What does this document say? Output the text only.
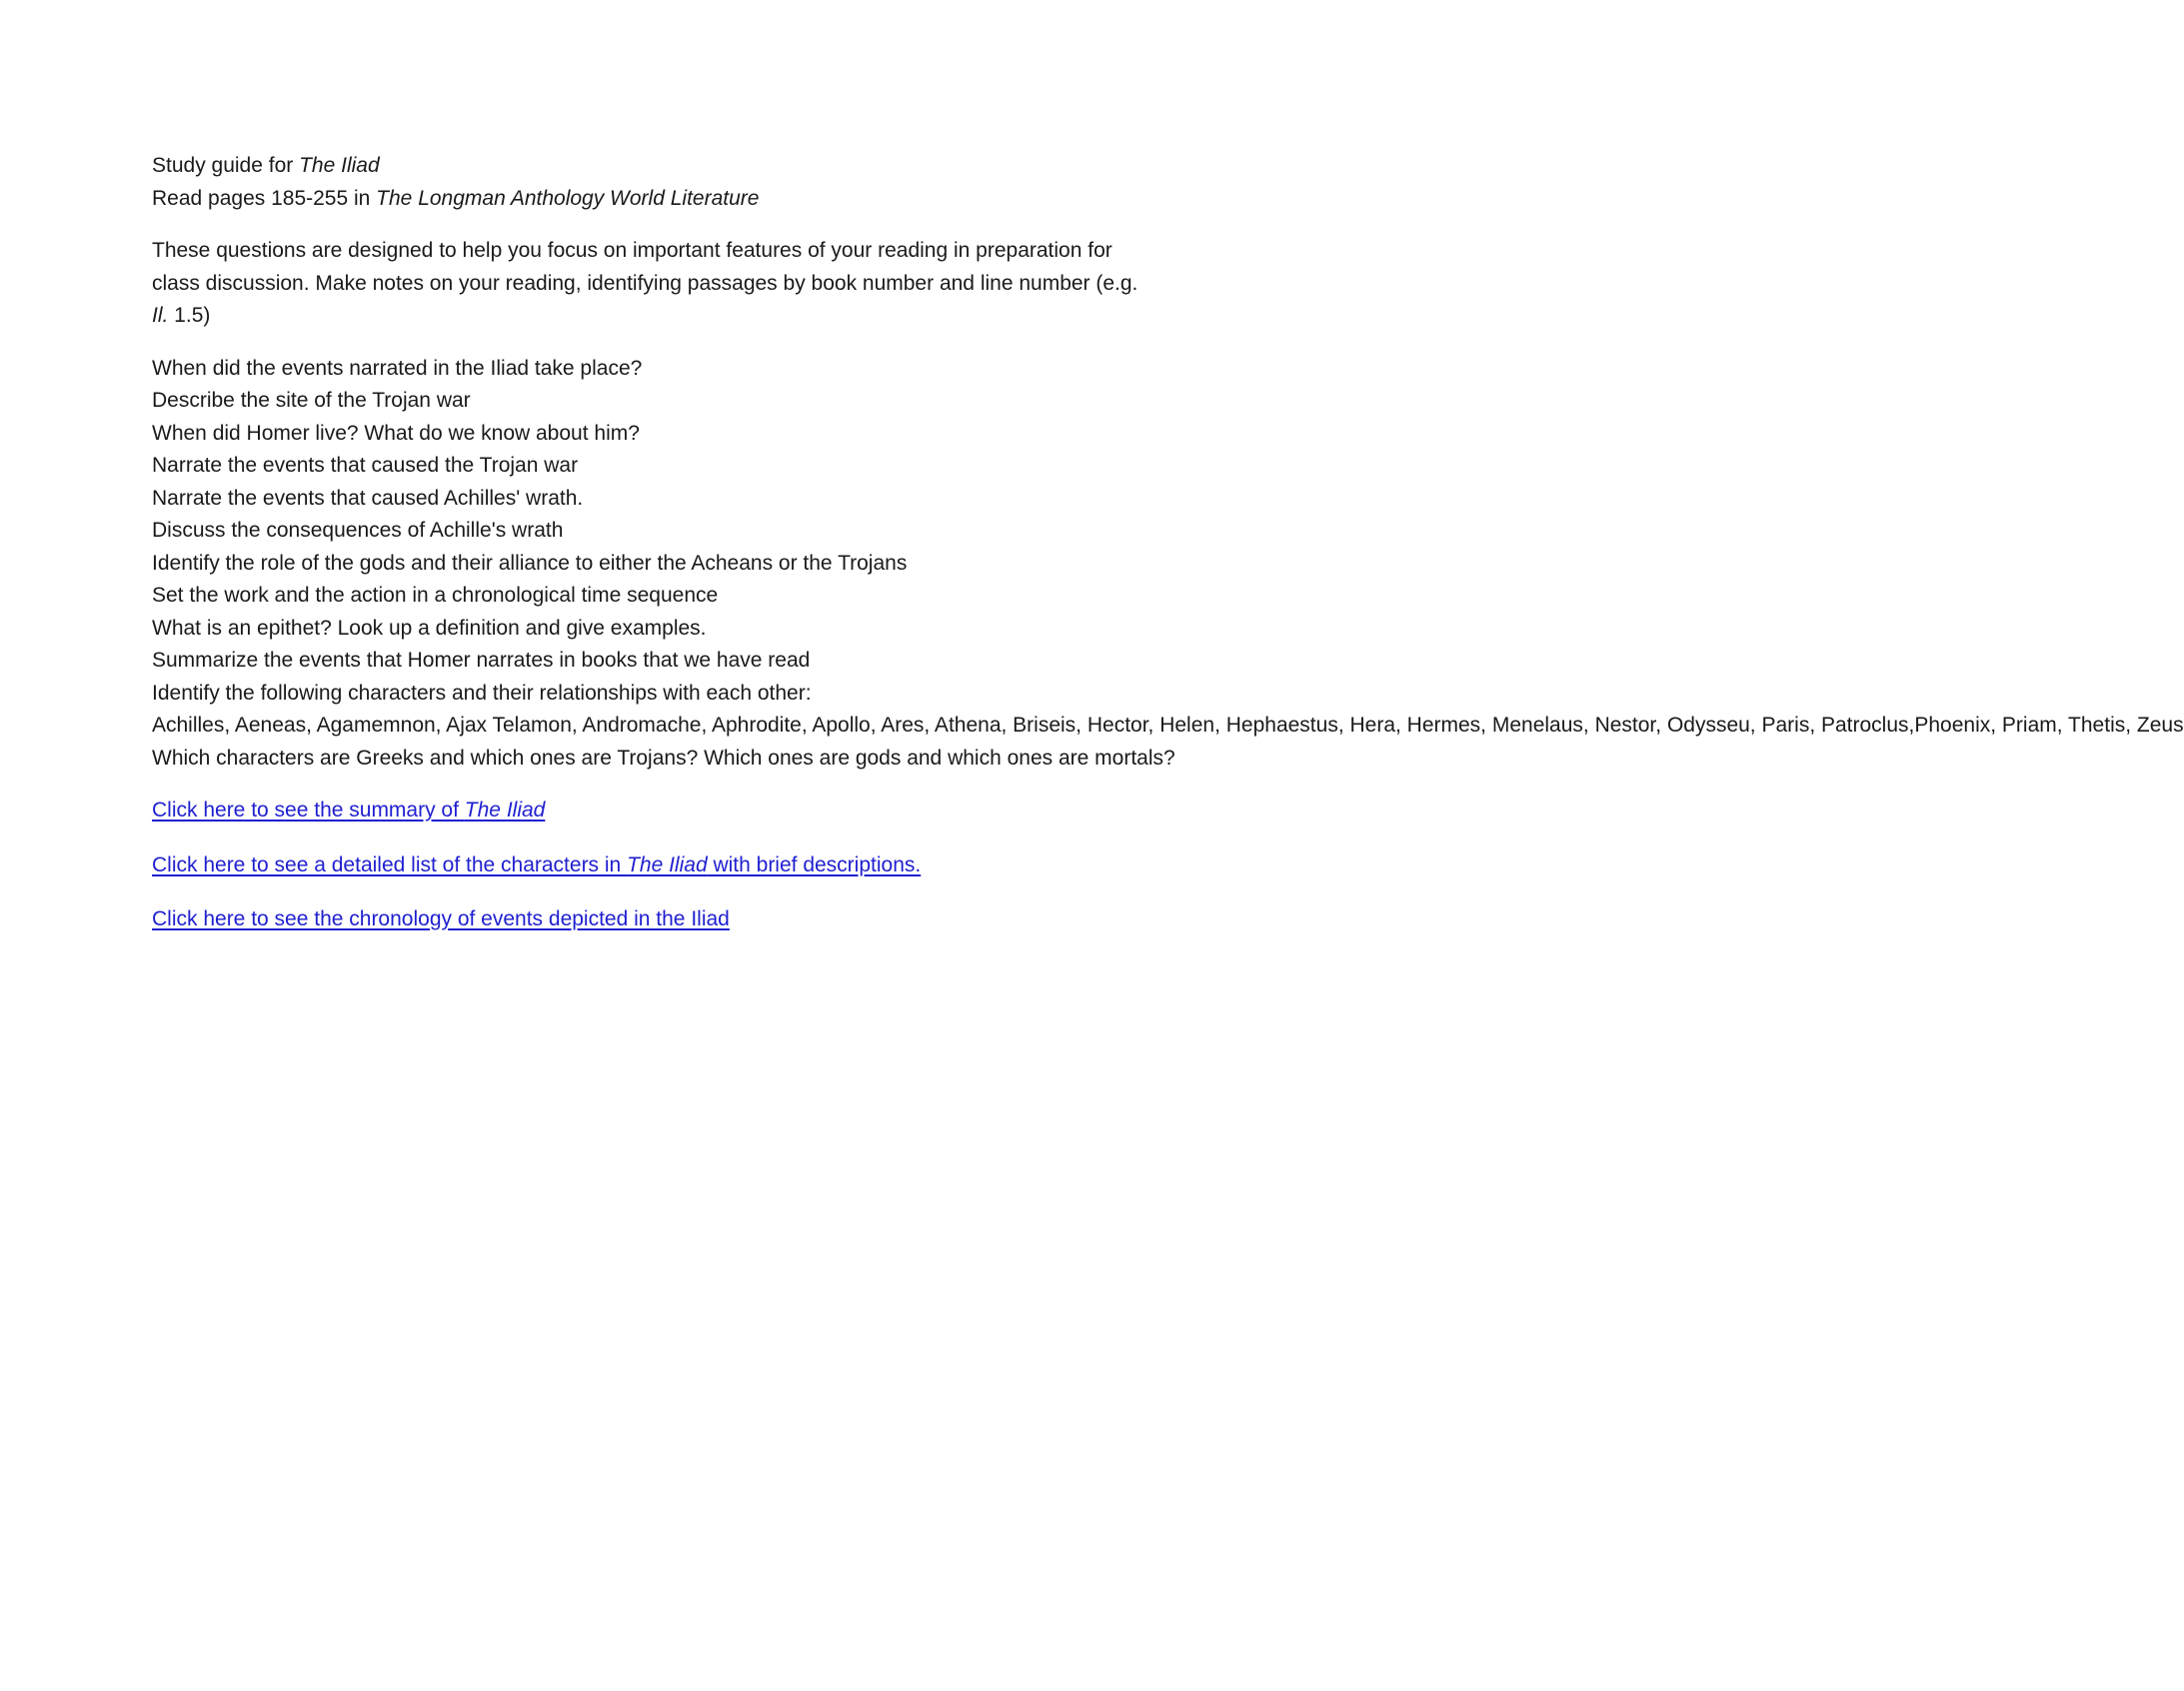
Study guide for The Iliad
Read pages 185-255 in The Longman Anthology World Literature
These questions are designed to help you focus on important features of your reading in preparation for class discussion. Make notes on your reading, identifying passages by book number and line number (e.g. Il. 1.5)
When did the events narrated in the Iliad take place?
Describe the site of the Trojan war
When did Homer live? What do we know about him?
Narrate the events that caused the Trojan war
Narrate the events that caused Achilles' wrath.
Discuss the consequences of Achille's wrath
Identify the role of the gods and their alliance to either the Acheans or the Trojans
Set the work and the action in a chronological time sequence
What is an epithet? Look up a definition and give examples.
Summarize the events that Homer narrates in books that we have read
Identify the following characters and their relationships with each other:
Achilles, Aeneas, Agamemnon, Ajax Telamon, Andromache, Aphrodite, Apollo, Ares, Athena, Briseis, Hector, Helen, Hephaestus, Hera, Hermes, Menelaus, Nestor, Odysseu, Paris, Patroclus,Phoenix, Priam, Thetis, Zeus
Which characters are Greeks and which ones are Trojans? Which ones are gods and which ones are mortals?
Click here to see the summary of The Iliad
Click here to see a detailed list of the characters in The Iliad with brief descriptions.
Click here to see the chronology of events depicted in the Iliad
